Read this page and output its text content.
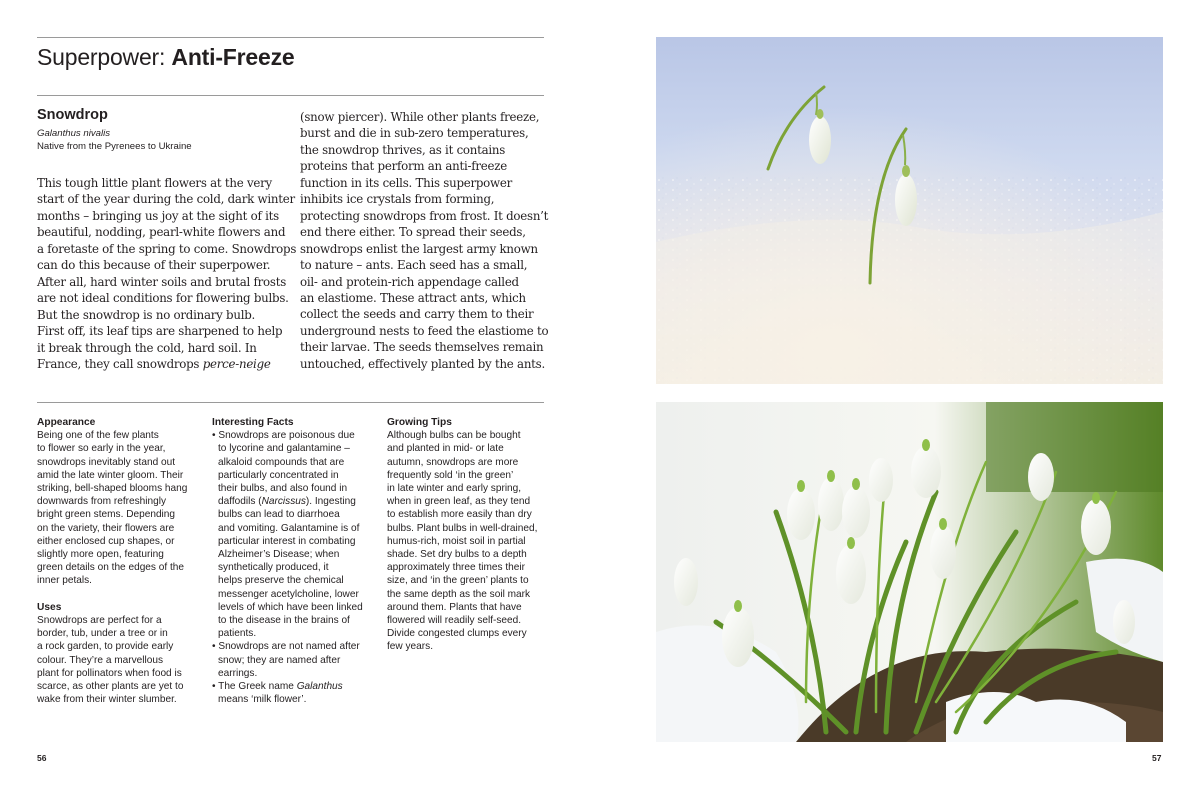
Superpower: Anti-Freeze
Snowdrop
Galanthus nivalis
Native from the Pyrenees to Ukraine

This tough little plant flowers at the very

start of the year during the cold, dark winter

months – bringing us joy at the sight of its

beautiful, nodding, pearl-white flowers and

a foretaste of the spring to come. Snowdrops

can do this because of their superpower.

After all, hard winter soils and brutal frosts

are not ideal conditions for flowering bulbs.

But the snowdrop is no ordinary bulb.

First off, its leaf tips are sharpened to help

it break through the cold, hard soil. In

France, they call snowdrops perce-neige

(snow piercer). While other plants freeze,

burst and die in sub-zero temperatures,

the snowdrop thrives, as it contains

proteins that perform an anti-freeze

function in its cells. This superpower

inhibits ice crystals from forming,

protecting snowdrops from frost. It doesn’t

end there either. To spread their seeds,

snowdrops enlist the largest army known

to nature – ants. Each seed has a small,

oil- and protein-rich appendage called

an elastiome. These attract ants, which

collect the seeds and carry them to their

underground nests to feed the elastiome to

their larvae. The seeds themselves remain

untouched, effectively planted by the ants.

Appearance
Being one of the few plants
to flower so early in the year,
snowdrops inevitably stand out
amid the late winter gloom. Their
striking, bell-shaped blooms hang
downwards from refreshingly
bright green stems. Depending
on the variety, their flowers are
either enclosed cup shapes, or
slightly more open, featuring
green details on the edges of the
inner petals.
Uses
Snowdrops are perfect for a
border, tub, under a tree or in
a rock garden, to provide early
colour. They’re a marvellous
plant for pollinators when food is
scarce, as other plants are yet to
wake from their winter slumber.
Interesting Facts
• Snowdrops are poisonous due
to lycorine and galantamine –
alkaloid compounds that are
particularly concentrated in
their bulbs, and also found in
daffodils (Narcissus). Ingesting
bulbs can lead to diarrhoea
and vomiting. Galantamine is of
particular interest in combating
Alzheimer’s Disease; when
synthetically produced, it
helps preserve the chemical
messenger acetylcholine, lower
levels of which have been linked
to the disease in the brains of
patients.
• Snowdrops are not named after
snow; they are named after
earrings.
• The Greek name Galanthus
means ‘milk flower’.
Growing Tips
Although bulbs can be bought
and planted in mid- or late
autumn, snowdrops are more
frequently sold ‘in the green’
in late winter and early spring,
when in green leaf, as they tend
to establish more easily than dry
bulbs. Plant bulbs in well-drained,
humus-rich, moist soil in partial
shade. Set dry bulbs to a depth
approximately three times their
size, and ‘in the green’ plants to
the same depth as the soil mark
around them. Plants that have
flowered will readily self-seed.
Divide congested clumps every
few years.
56	57
